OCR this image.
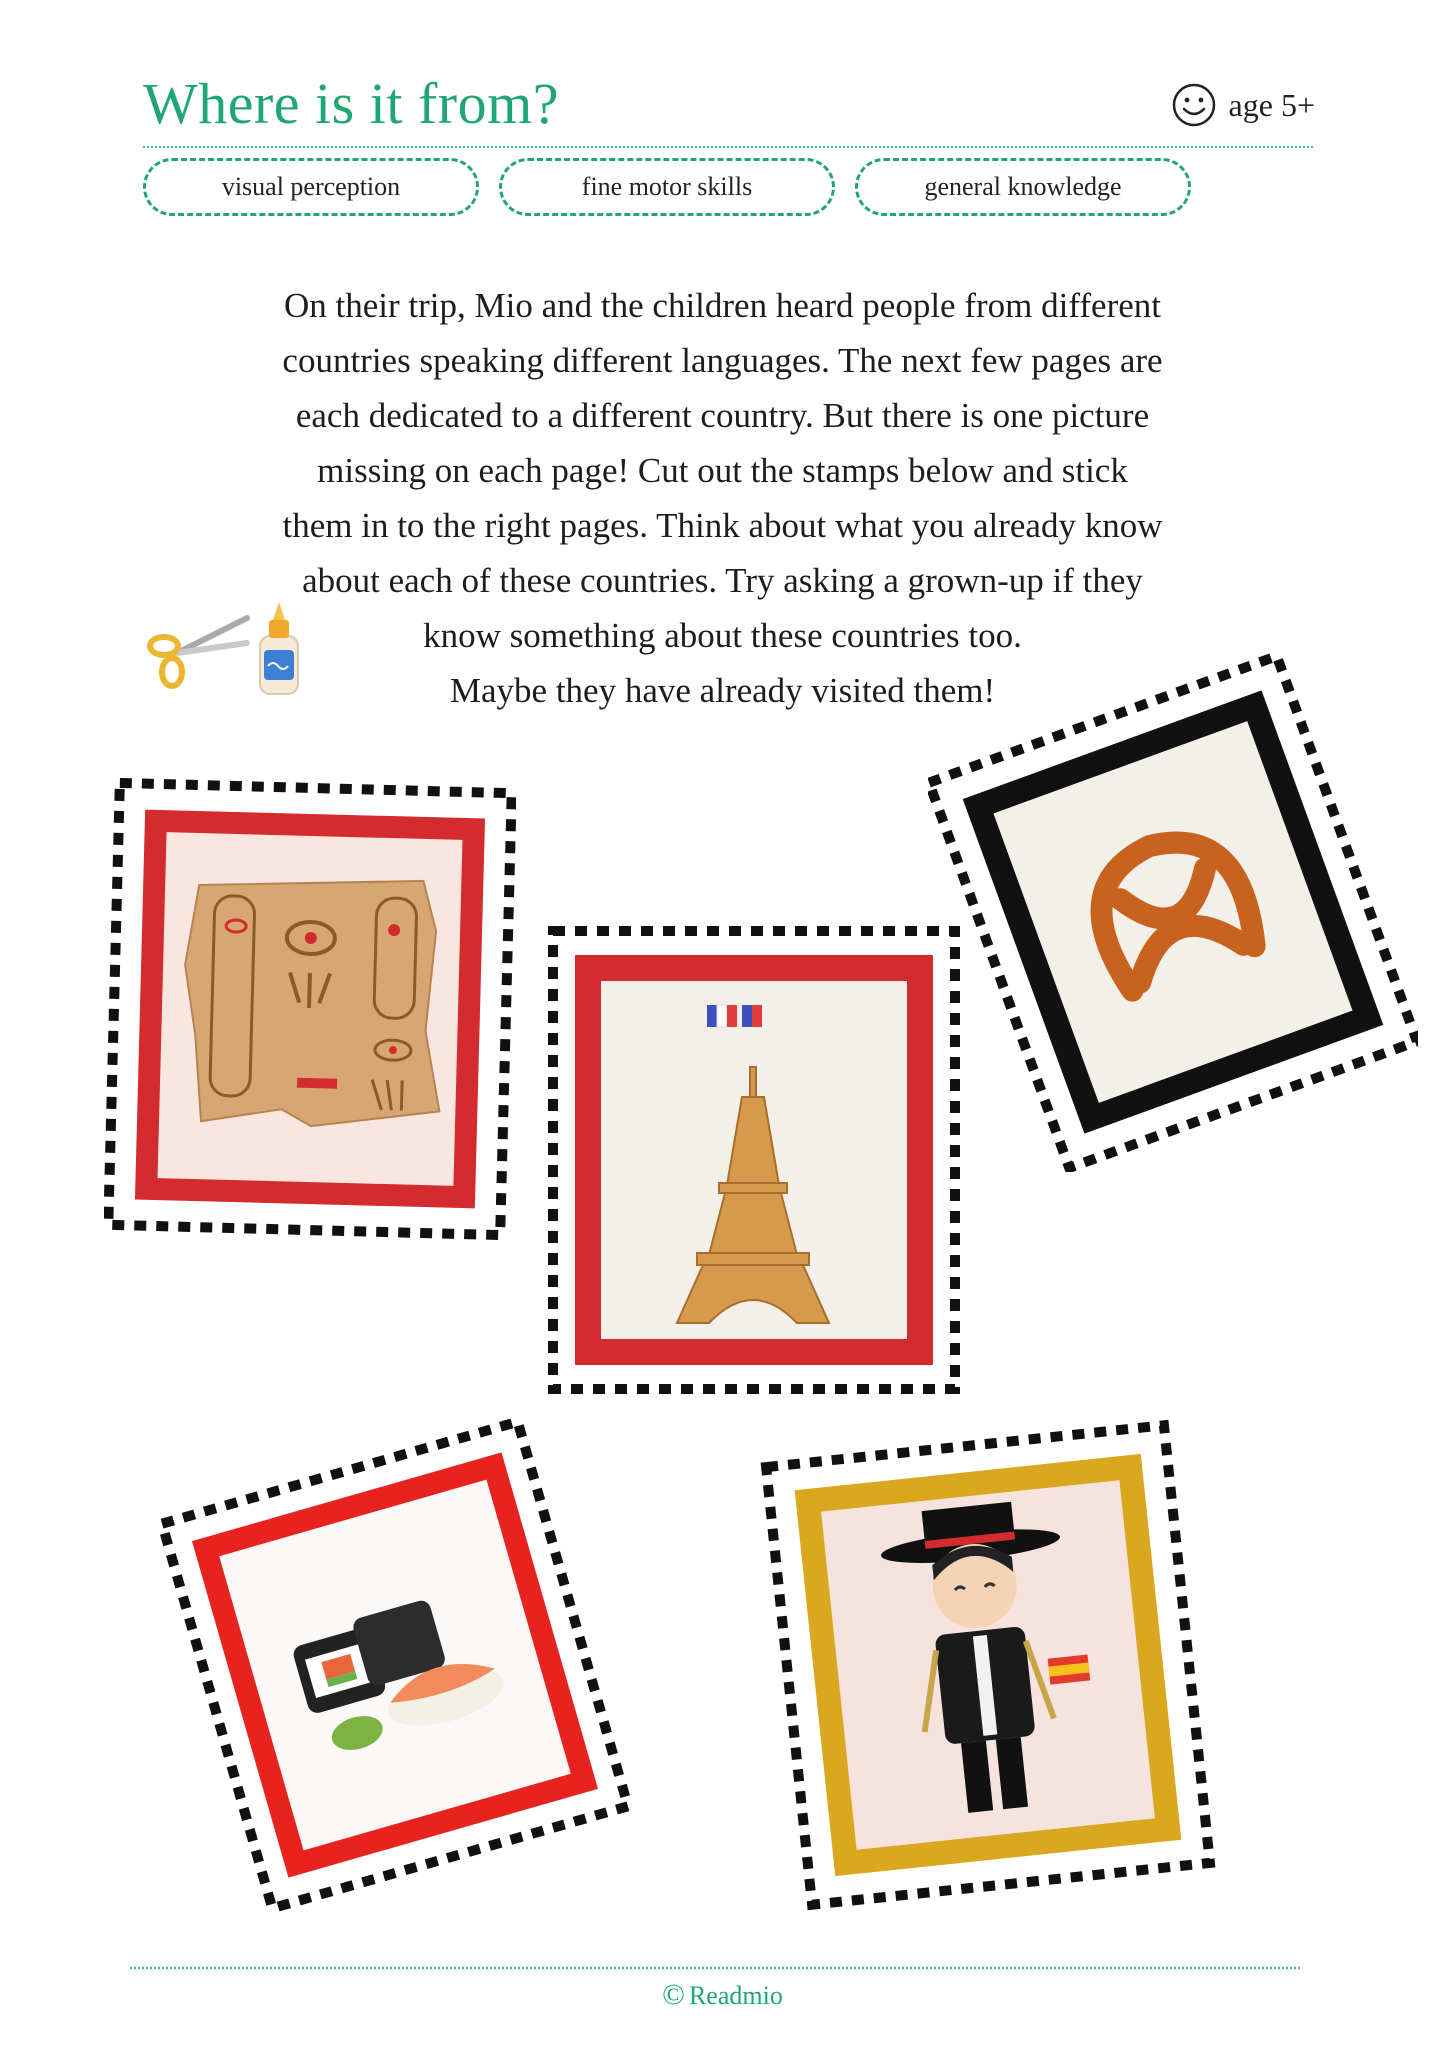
Where is it from?	age 5+
visual perception	fine motor skills	general knowledge
On their trip, Mio and the children heard people from different
countries speaking different languages. The next few pages are
each dedicated to a different country. But there is one picture
missing on each page! Cut out the stamps below and stick
them in to the right pages. Think about what you already know
about each of these countries. Try asking a grown-up if they
know something about these countries too.
Maybe they have already visited them!
© Readmio
